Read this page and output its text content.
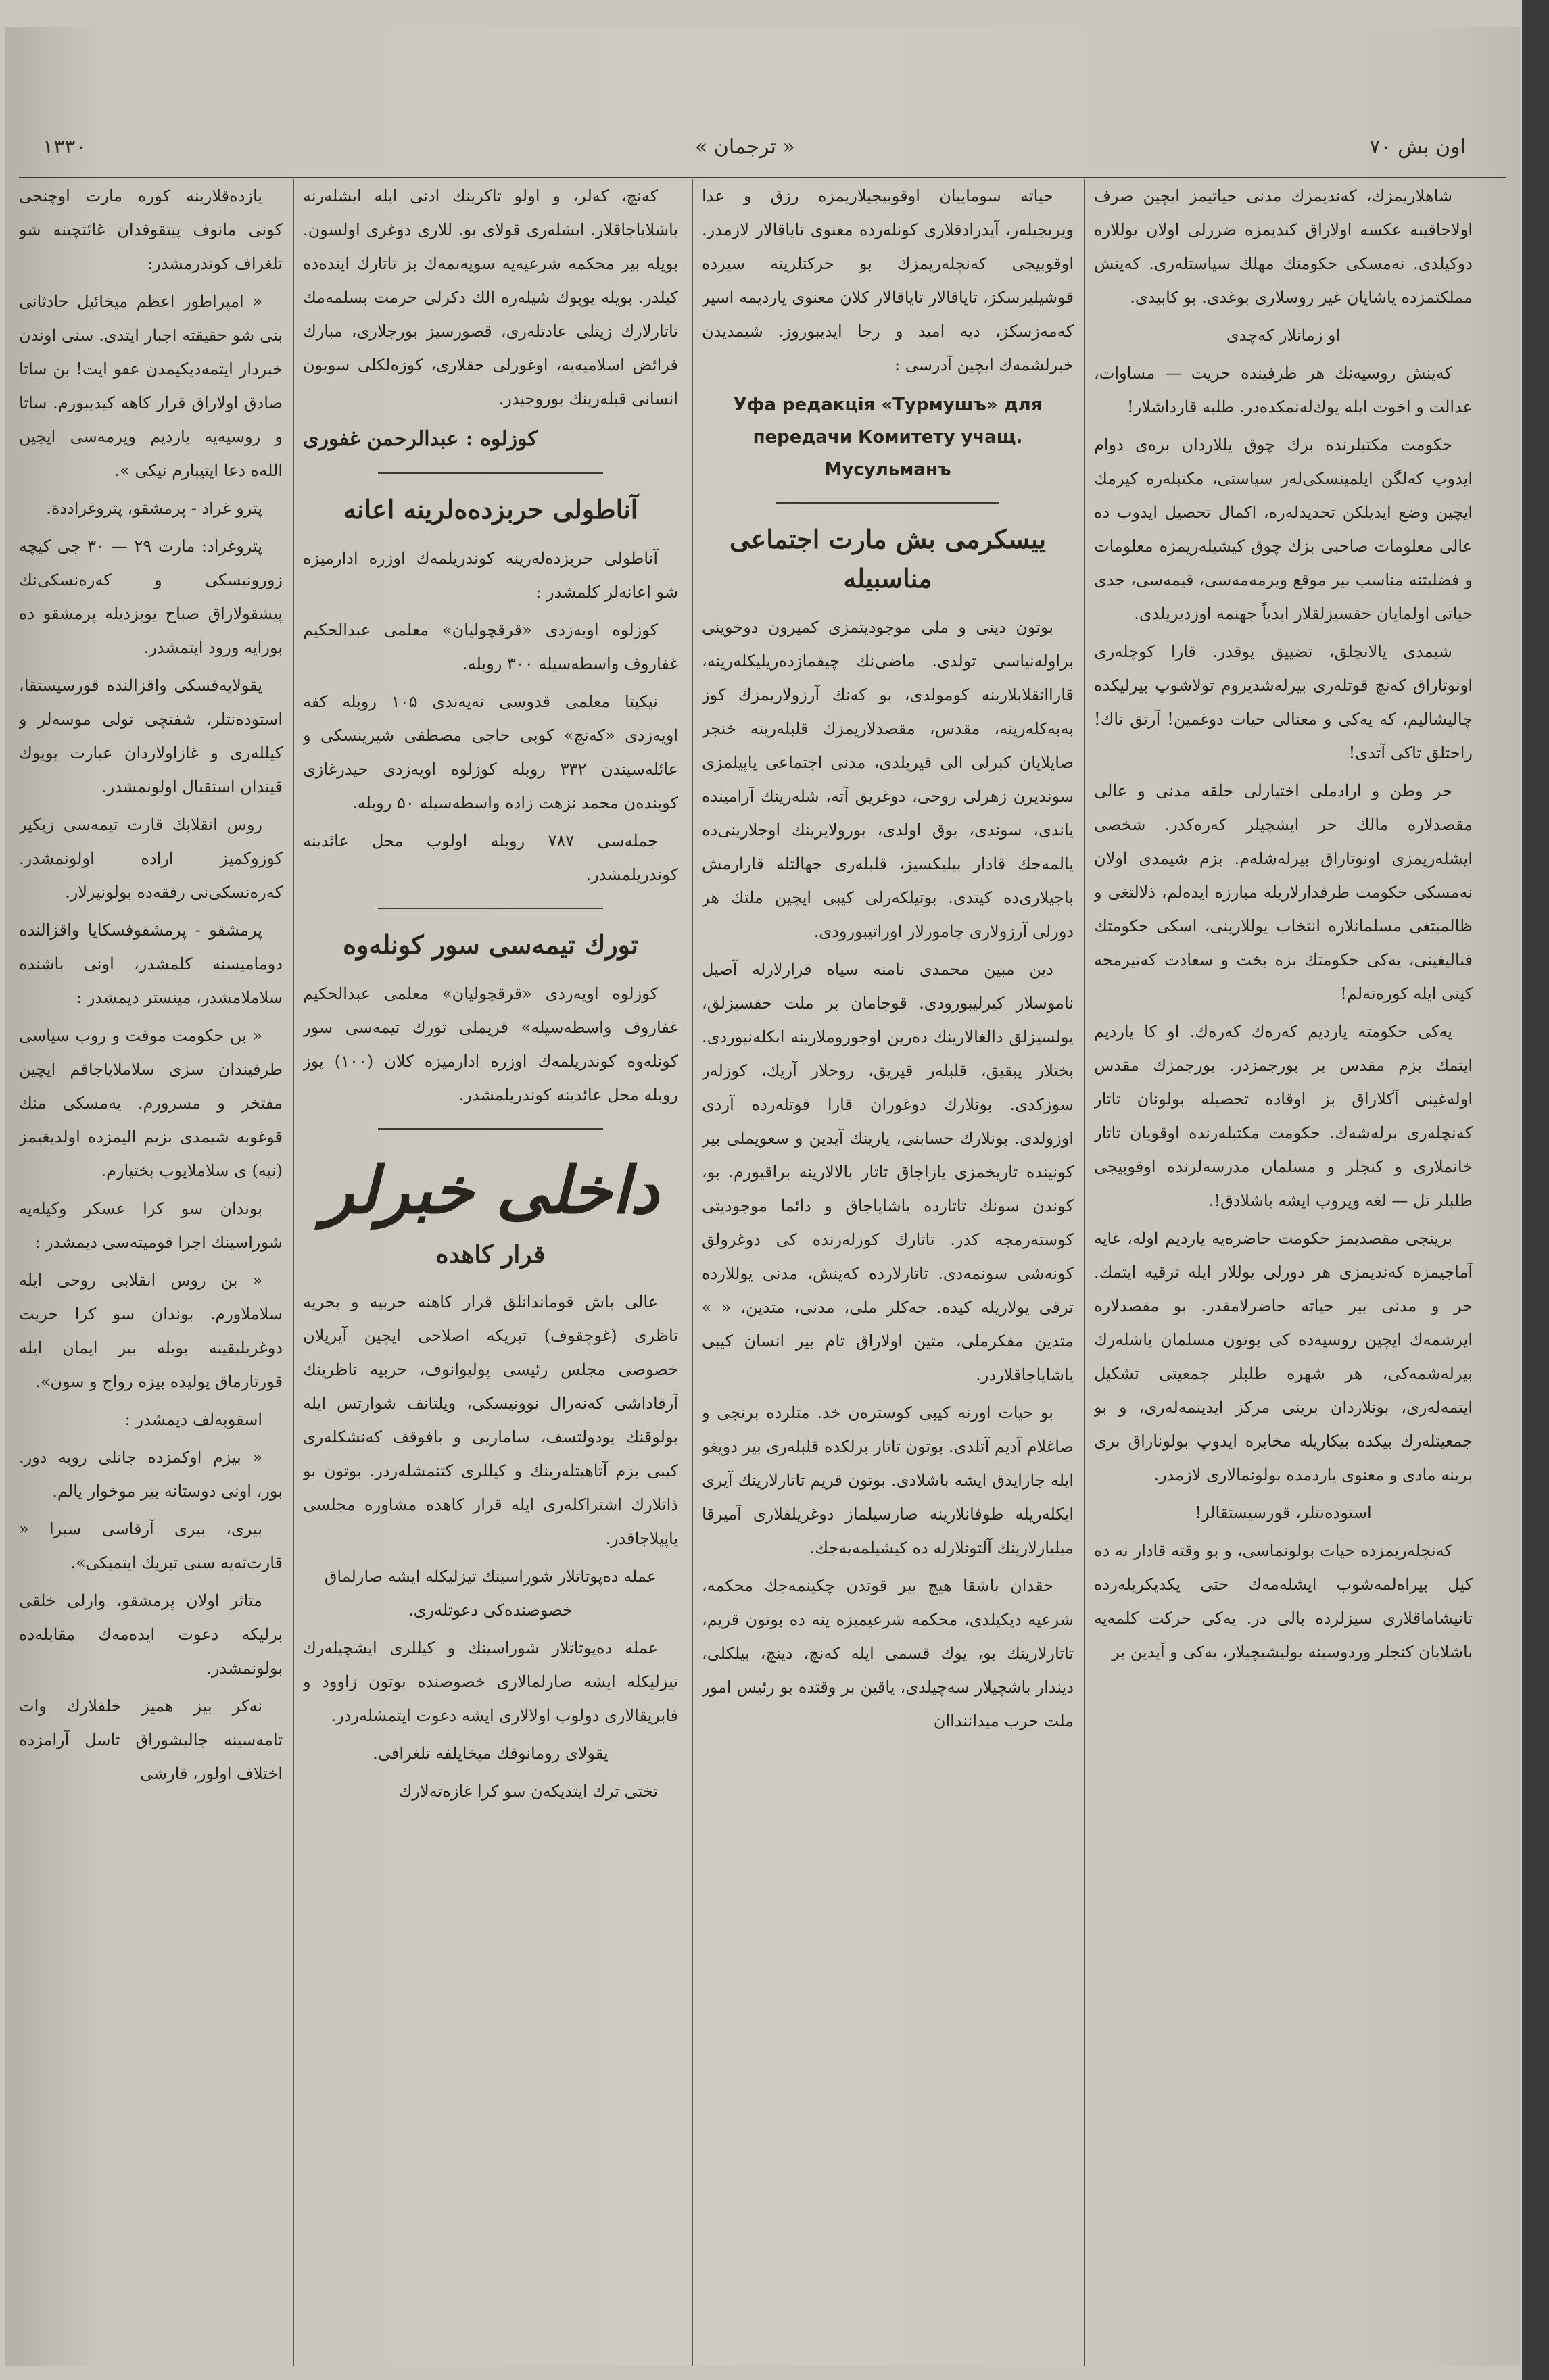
١٣٣٠	« ترجمان »	اون بش ۷۰

شاهلاریمزك، كه‌ندیمزك مدنی حیاتیمز ایچین صرف اولاجاقینه عكسه اولاراق كندیمزه ضررلی اولان یوللاره دوكیلدی. نه‌مسكی حكومتك مهلك سیاستله‌ری. كه‌ینش مملكتمزده یاشایان غیر روسلاری بوغدی. بو كابیدی.

او زمانلار كه‌چدی

كه‌ینش روسیه‌نك هر طرفینده حریت — مساوات، عدالت و اخوت ایله یوك‌له‌نمكده‌در. طلبه قارداشلار!

حكومت مكتبلرنده بزك چوق یللاردان بره‌ی دوام ایدوپ كه‌لگن ایلمینسكی‌له‌ر سیاستی، مكتبله‌ره كیرمك ایچین وضع ایدیلكن تحدیدله‌ره، اكمال تحصیل ایدوب ده عالی معلومات صاحبی بزك چوق كیشیله‌ریمزه معلومات و فضلیتنه مناسب بیر موقع ویرمه‌مه‌سی، قیمه‌سی، جدی حیاتی اولمایان حقسیزلقلار ابدیاً جهنمه اوزدیریلدی.

شیمدی یالانچلق، تضییق یوقدر. قارا كوچله‌ری اونوتاراق كه‌نچ قوتله‌ری بیرله‌شدیروم تولاشوپ بیرلیكده چالیشالیم، كه یه‌كی و معنالی حیات دوغمین! آرتق تاك! راحتلق تاكی آتدی!

حر وطن و ارادملی اختیارلی حلقه مدنی و عالی مقصدلاره مالك حر ایشچیلر كه‌ره‌كدر. شخصی ایشله‌ریمزی اونوتاراق بیرله‌شله‌م. بزم شیمدی اولان نه‌مسكی حكومت طرفدارلاریله مبارزه ایده‌لم، ذلالتغی و ظالمیتغی مسلمانلاره انتخاب یوللارینی، اسكی حكومتك فنالیغینی، یه‌كی حكومتك بزه بخت و سعادت كه‌تیرمجه كینی ایله كوره‌ته‌لم!

یه‌كی حكومته یاردیم كه‌ره‌ك كه‌ره‌ك. او كا یاردیم ایتمك بزم مقدس بر بورجمزدر. بورجمزك مقدس اوله‌غینی آكلاراق بز اوقاده تحصیله بولونان تاتار كه‌نچله‌ری برله‌شه‌ك. حكومت مكتبله‌رنده اوقویان تاتار خانملاری و كنجلر و مسلمان مدرسه‌لرنده اوقوبیجی طلبلر تل — لغه ویروب ایشه باشلادق!.

برینجی مقصدیمز حكومت حاضره‌یه یاردیم اوله، غایه آماجیمزه كه‌ندیمزی هر دورلی یوللار ایله ترقیه ایتمك. حر و مدنی بیر حیاته حاضرلامقدر. بو مقصدلاره ایرشمه‌ك ایچین روسیه‌ده كی بوتون مسلمان یاشله‌رك بیرله‌شمه‌كی، هر شهره طلبلر جمعیتی تشكیل ایتمه‌له‌ری، بونلاردان برینی مركز ایدینمه‌له‌ری، و بو جمعیتله‌رك بیكده بیكاریله مخابره ایدوپ بولوناراق بری برینه مادی و معنوی یاردمده بولونمالاری لازمدر.

استوده‌نتلر، قورسیستقالر!

كه‌نچله‌ریمزده حیات بولونماسی، و بو وقته قادار نه ده كیل بیراه‌لمه‌شوب ایشله‌مه‌ك حتی یكدیكریله‌رده تانیشاماقلاری سیزلرده بالی در. یه‌كی حركت كلمه‌یه باشلایان كنجلر وردوسینه بولیشیچیلار، یه‌كی و آیدین بر

حیاته سوماییان اوقوبیجیلاریمزه رزق و عدا ویریجیله‌ر، آیدرادقلاری كونله‌رده معنوی تایاقالار لازمدر. اوقوبیجی كه‌نچله‌ریمزك بو حركتلرینه سیزده قوشیلیرسكز، تایاقالار تایاقالار كلان معنوی یاردیمه اسیر كه‌مه‌زسكز، دیه امید و رجا ایدیبوروز. شیمدیدن خبرلشمه‌ك ایچین آدرسی :

Уфа редакція «Турмушъ» для передачи Комитету учащ. Мусульманъ
ییسكرمی بش مارت اجتماعی مناسبیله

بوتون دینی و ملی موجودیتمزی كمیرون دوخوینی براوله‌نیاسی تولدی. ماضی‌نك چیقمازده‌ریلیكله‌رینه، قاراانقلابلارینه كومولدی، بو كه‌نك آرزولاریمزك كوز به‌به‌كله‌رینه، مقدس، مقصدلاریمزك قلبله‌رینه خنجر صایلایان كبرلی الی قیریلدی، مدنی اجتماعی یاپیلمزی سوندیرن زهرلی روحی، دوغریق آته، شله‌رینك آرامینده یاندی، سوندی، یوق اولدی، بورولایرینك اوجلارینی‌ده یالمه‌جك قادار بیلیكسیز، قلبله‌ری جهالتله قارارمش باجیلاری‌ده كیتدی. بوتیلكه‌رلی كیبی ایچین ملتك هر دورلی آرزولاری چامورلار اوراتیبورودی.

دین مبین محمدی نامنه سیاه قرارلارله آصیل ناموسلار كیرلیبورودی. قوجامان بر ملت حقسیزلق، یولسیزلق دالغالارینك ده‌رین اوجوروملارینه ابكله‌نیوردی. بختلار یبقیق، قلبله‌ر قیریق، روحلار آزیك، كوزله‌ر سوزكدی. بونلارك دوغوران قارا قوتله‌رده آردی اوزولدی. بونلارك حسابنی، یارینك آیدین و سعویملی بیر كونینده تاریخمزی یازاجاق تاتار بالالارینه براقیورم. بو، كوندن سونك تاتارده یاشایاجاق و دائما موجودیتی كوسته‌رمجه كدر. تاتارك كوزله‌رنده كی دوغرولق كونه‌شی سونمه‌دی. تاتارلارده كه‌ینش، مدنی یوللارده ترقی یولاریله كیده. جه‌كلر ملی، مدنی، متدین، « » متدین مفكرملی، متین اولاراق تام بیر انسان كیبی یاشایاجاقلاردر.

بو حیات اورنه كیبی كوستره‌ن خد. متلرده برنجی و صاغلام آدیم آتلدی. بوتون تاتار برلكده قلبله‌ری بیر دویغو ایله جار‌ایدق ایشه باشلادی. بوتون قریم تاتارلارینك آیری ایكله‌ریله طوفانلارینه صارسیلماز دوغریلقلاری آمیرقا میلیارلارینك آلتونلارله ده كیشیلمه‌یه‌جك.

حقدان باشقا هیچ بیر قوتدن چكینمه‌جك محكمه، شرعیه دیكیلدی، محكمه شرعیمیزه ینه ده بوتون قریم، تاتارلارینك بو، یوك قسمی ایله كه‌نچ، دینچ، بیلكلی، دیندار باشچیلار سه‌چیلدی، یاقین بر وقتده بو رئیس امور ملت حرب میداننداان

كه‌نچ، كه‌لر، و اولو تاكرینك ادنی ایله ایشله‌رنه باشلایاجاقلار. ایشله‌ری قولای بو. للاری دوغری اولسون. بویله بیر محكمه شرعیه‌یه سویه‌نمه‌ك بز تاتارك اینده‌ده كیلدر. بویله یوبوك شیله‌ره الك دكرلی حرمت بسلمه‌مك تاتارلارك زیتلی عادتله‌ری، قصورسیز بورجلاری، مبارك فرائض اسلامیه‌یه، اوغورلی حقلاری، كوزه‌لكلی سویون انسانی قبله‌رینك بوروجیدر.

كوزلوه : عبدالرحمن غفوری
آناطولی حربزده‌ه‌لرینه اعانه

آناطولی حربزده‌له‌رینه كوندریلمه‌ك اوزره ادارمیزه شو اعانه‌لر كلمشدر :

كوزلوه اویه‌زدی «قرقچولیان» معلمی عبدالحكیم غفاروف واسطه‌سیله ۳۰۰ روبله.

نیكیتا معلمی قدوسی نه‌یه‌ندی ۱۰۵ روبله كفه اویه‌زدی «كه‌نچ» كوبی حاجی مصطفی شیرینسكی و عائله‌سیندن ۳۳۲ روبله كوزلوه اویه‌زدی حیدرغازی كوینده‌ن محمد نزهت زاده واسطه‌سیله ۵۰ روبله.

جمله‌سی ۷۸۷ روبله اولوب محل عائدینه كوندریلمشدر.

تورك تیمه‌سی سور كونله‌وه

كوزلوه اویه‌زدی «قرقچولیان» معلمی عبدالحكیم غفاروف واسطه‌سیله» قریملی تورك تیمه‌سی سور كونله‌وه كوندریلمه‌ك اوزره ادارمیزه كلان (۱۰۰) یوز روبله محل عائدینه كوندریلمشدر.

داخلی خبرلر
قرار كاهده

عالی باش قوماندانلق قرار كاهنه حربیه و بحریه ناظری (غوچقوف) تبریكه اصلاحی ایچین آیریلان خصوصی مجلس رئیسی پولیوانوف، حربیه ناظرینك آرقاداشی كه‌نه‌رال نوونیسكی، ویلتانف شوارتس ایله بولوقنك یودولتسف، ساماریی و بافوقف كه‌نشكله‌ری كیبی بزم آتاهیتله‌رینك و كیللری كتنمشله‌ردر. بوتون بو ذاتلارك اشتراكله‌ری ایله قرار كاهده مشاوره مجلسی یاپیلاجاقدر.

عمله ده‌پوتاتلار شوراسینك تیزلیكله ایشه صارلماق خصوصنده‌كی دعوتله‌ری.

عمله ده‌پوتاتلار شوراسینك و كیللری ایشچیله‌رك تیزلیكله ایشه صارلمالاری خصوصنده بوتون زاوود و فابریقالاری دولوب اولالاری ایشه دعوت ایتمشله‌ردر.

یقولای رومانوفك میخایلفه تلغرافی.

تختی ترك ایتدیكه‌ن سو كرا غازه‌ته‌لارك

یازده‌قلارینه كوره مارت اوچنجی كونی مانوف پیتقوفدان غائتچینه شو تلغراف كوندرمشدر:

« امپراطور اعظم میخائیل حادثانی بنی شو حقیقته اجبار ایتدی. سنی اوندن خبردار ایتمه‌دیكیمدن عفو ایت! بن ساتا صادق اولاراق قرار كاهه كیدیبورم. ساتا و روسیه‌یه یاردیم ویرمه‌سی ایچین الله‌ه دعا ایتیبارم نیكی ».

پترو غراد - پرمشقو، پتروغراددة.

پتروغراد: مارت ۲۹ — ۳۰ جی كیچه زورونیسكی و كه‌ره‌نسكی‌نك پیشقولاراق صباح یوبزدیله پرمشقو ده بورایه ورود ایتمشدر.

یقولایه‌فسكی واقزالنده قورسیستقا، استوده‌نتلر، شفتچی تولی موسه‌لر و كیلله‌ری و غازاولاردان عبارت بویوك قیندان استقبال اولونمشدر.

روس انقلابك قارت تیمه‌سی زیكیر كوزوكمیز اراده اولونمشدر. كه‌ره‌نسكی‌نی رفقه‌ده بولونیرلار.

پرمشقو - پرمشقوفسكایا واقزالنده دومامیسنه كلمشدر، اونی باشنده سلاملامشدر، مینستر دیمشدر :

« بن حكومت موقت و روب سیاسی طرفیندان سزی سلاملایاجاقم ایچین مفتخر و مسرورم. یه‌مسكی منك قوغوبه شیمدی بزیم الیمزده اولدیغیمز (نیه) ی سلاملایوب بختیارم.

بوندان سو كرا عسكر وكیله‌یه شوراسینك اجرا قومیته‌سی دیمشدر :

« بن روس انقلابی روحی ایله سلاملاورم. بوندان سو كرا حریت دوغریلیقینه بویله بیر ایمان ایله قورتارماق یولیده بیزه رواج و سون».

اسقوبه‌لف دیمشدر :

« بیزم اوكمزده جانلی روبه دور. بور، اونی دوستانه بیر موخوار یالم.

بیری، بیری آرقاسی سیرا « قارت‌ثه‌یه سنی تبریك ایتمیكی».

متاثر اولان پرمشقو، وارلی خلقی برلیكه دعوت ایده‌مه‌ك مقابله‌ده بولونمشدر.

نه‌كر بیز همیز خلقلارك وات تامه‌سینه جالیشوراق تاسل آرامزده اختلاف اولور، قارشی
